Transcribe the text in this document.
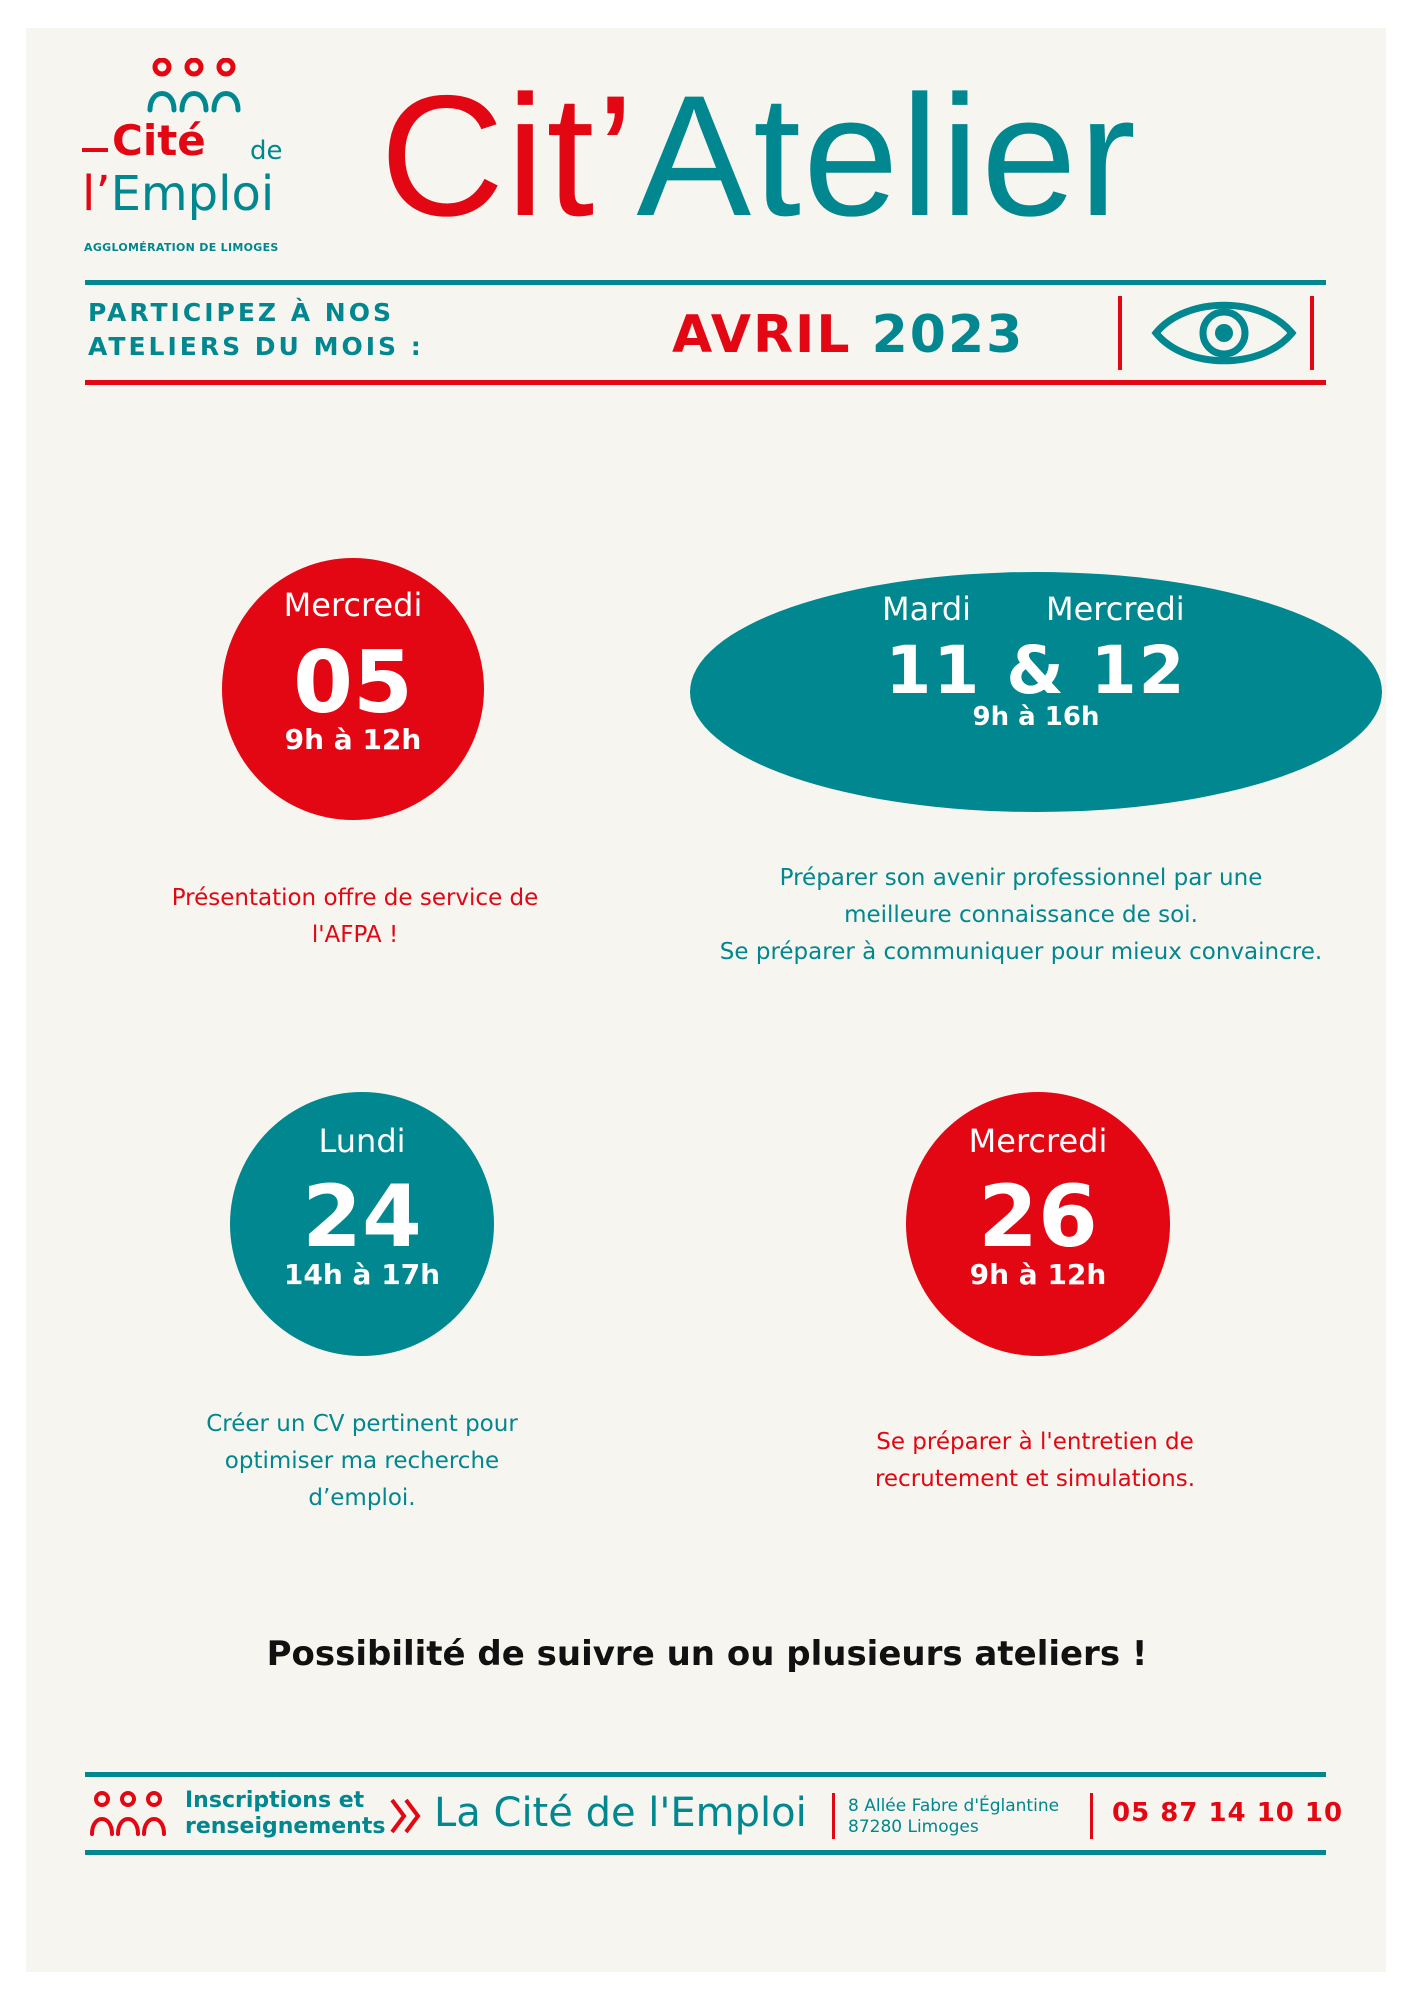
Cité de
l’Emploi
AGGLOMÉRATION DE LIMOGES Cit’Atelier
PARTICIPEZ À NOS
ATELIERS DU MOIS :	AVRIL 2023
Mercredi
05
9h à 12h
Présentation offre de service de
l'AFPA !
Mardi Mercredi
11 & 12
9h à 16h
Préparer son avenir professionnel par une
meilleure connaissance de soi.
Se préparer à communiquer pour mieux convaincre.
Lundi
24
14h à 17h
Créer un CV pertinent pour
optimiser ma recherche
d’emploi.
Mercredi
26
9h à 12h
Se préparer à l'entretien de
recrutement et simulations.
Possibilité de suivre un ou plusieurs ateliers !
Inscriptions et
renseignements La Cité de l'Emploi 8 Allée Fabre d'Églantine
87280 Limoges	05 87 14 10 10
